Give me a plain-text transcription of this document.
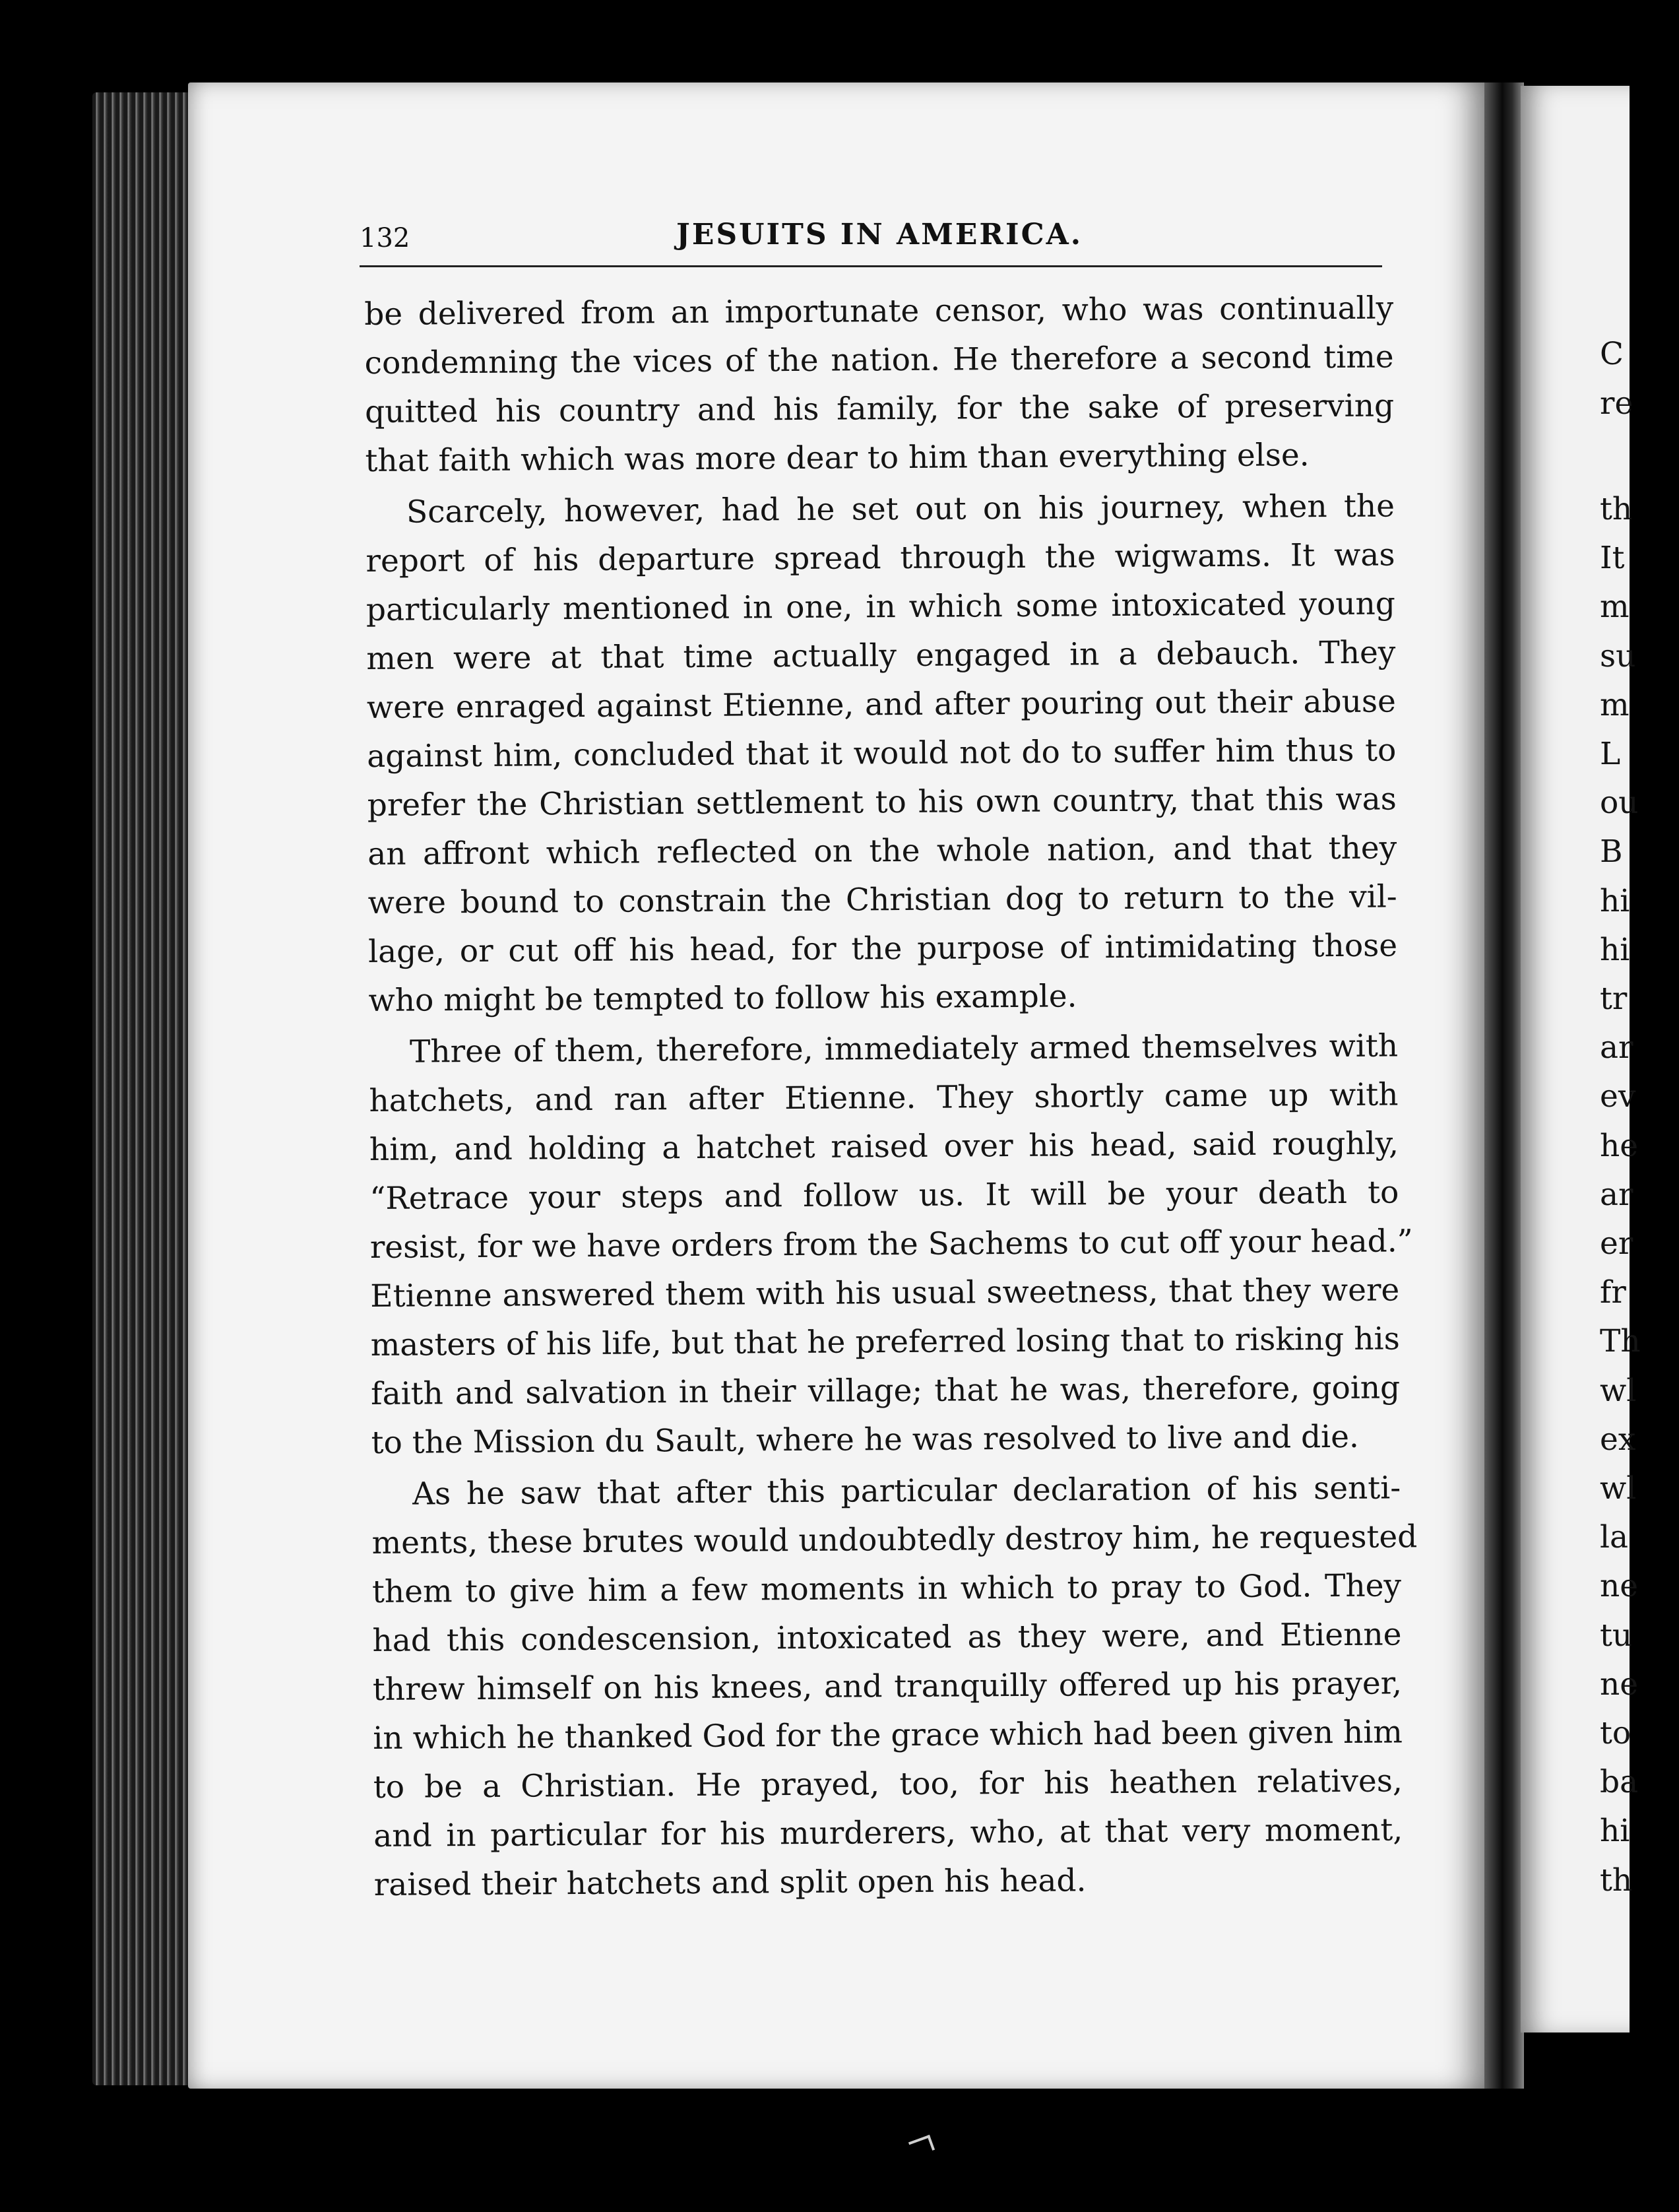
132	JESUITS IN AMERICA.
be delivered from an importunate censor, who was continually
condemning the vices of the nation. He therefore a second time
quitted his country and his family, for the sake of preserving
that faith which was more dear to him than everything else.
Scarcely, however, had he set out on his journey, when the
report of his departure spread through the wigwams. It was
particularly mentioned in one, in which some intoxicated young
men were at that time actually engaged in a debauch. They
were enraged against Etienne, and after pouring out their abuse
against him, concluded that it would not do to suffer him thus to
prefer the Christian settlement to his own country, that this was
an affront which reflected on the whole nation, and that they
were bound to constrain the Christian dog to return to the vil-
lage, or cut off his head, for the purpose of intimidating those
who might be tempted to follow his example.
Three of them, therefore, immediately armed themselves with
hatchets, and ran after Etienne. They shortly came up with
him, and holding a hatchet raised over his head, said roughly,
“Retrace your steps and follow us. It will be your death to
resist, for we have orders from the Sachems to cut off your head.”
Etienne answered them with his usual sweetness, that they were
masters of his life, but that he preferred losing that to risking his
faith and salvation in their village; that he was, therefore, going
to the Mission du Sault, where he was resolved to live and die.
As he saw that after this particular declaration of his senti-
ments, these brutes would undoubtedly destroy him, he requested
them to give him a few moments in which to pray to God. They
had this condescension, intoxicated as they were, and Etienne
threw himself on his knees, and tranquilly offered up his prayer,
in which he thanked God for the grace which had been given him
to be a Christian. He prayed, too, for his heathen relatives,
and in particular for his murderers, who, at that very moment,
raised their hatchets and split open his head.
C
re
th
It
m
su
m
L
ou
B
hi
hi
tr
ar
ev
he
ar
er
fr
Th
wl
ex
wl
la
ne
tu
ne
to
ba
hi
th
